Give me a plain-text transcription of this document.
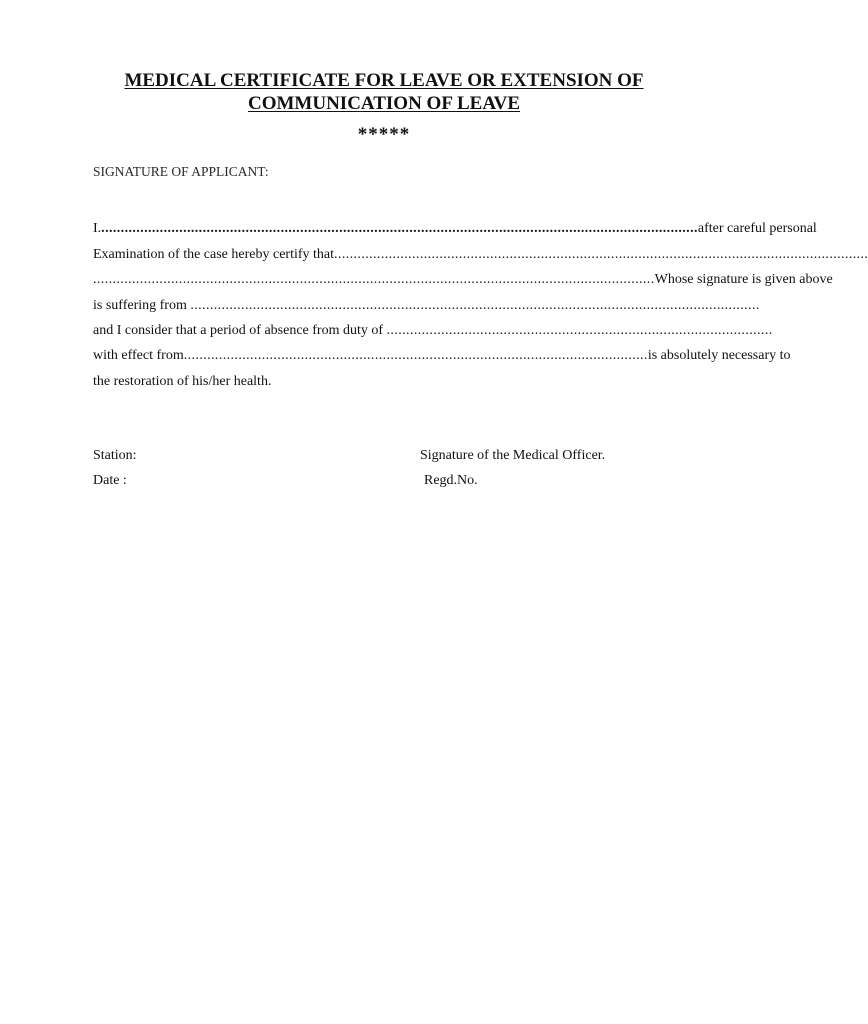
MEDICAL CERTIFICATE FOR LEAVE OR EXTENSION OF
COMMUNICATION OF LEAVE
*****
SIGNATURE OF APPLICANT:
I. ......................................................................................................................................................... after careful personal
Examination of the case hereby certify that .........................................................................................................................................
................................................................................................................................................ Whose signature is given above
is suffering from ..................................................................................................................................................
and I consider that a period of absence from duty of ...................................................................................................
with effect from ....................................................................................................................... is absolutely necessary to
the restoration of his/her health.
Station:
Date :
Signature of the Medical Officer.
Regd.No.
